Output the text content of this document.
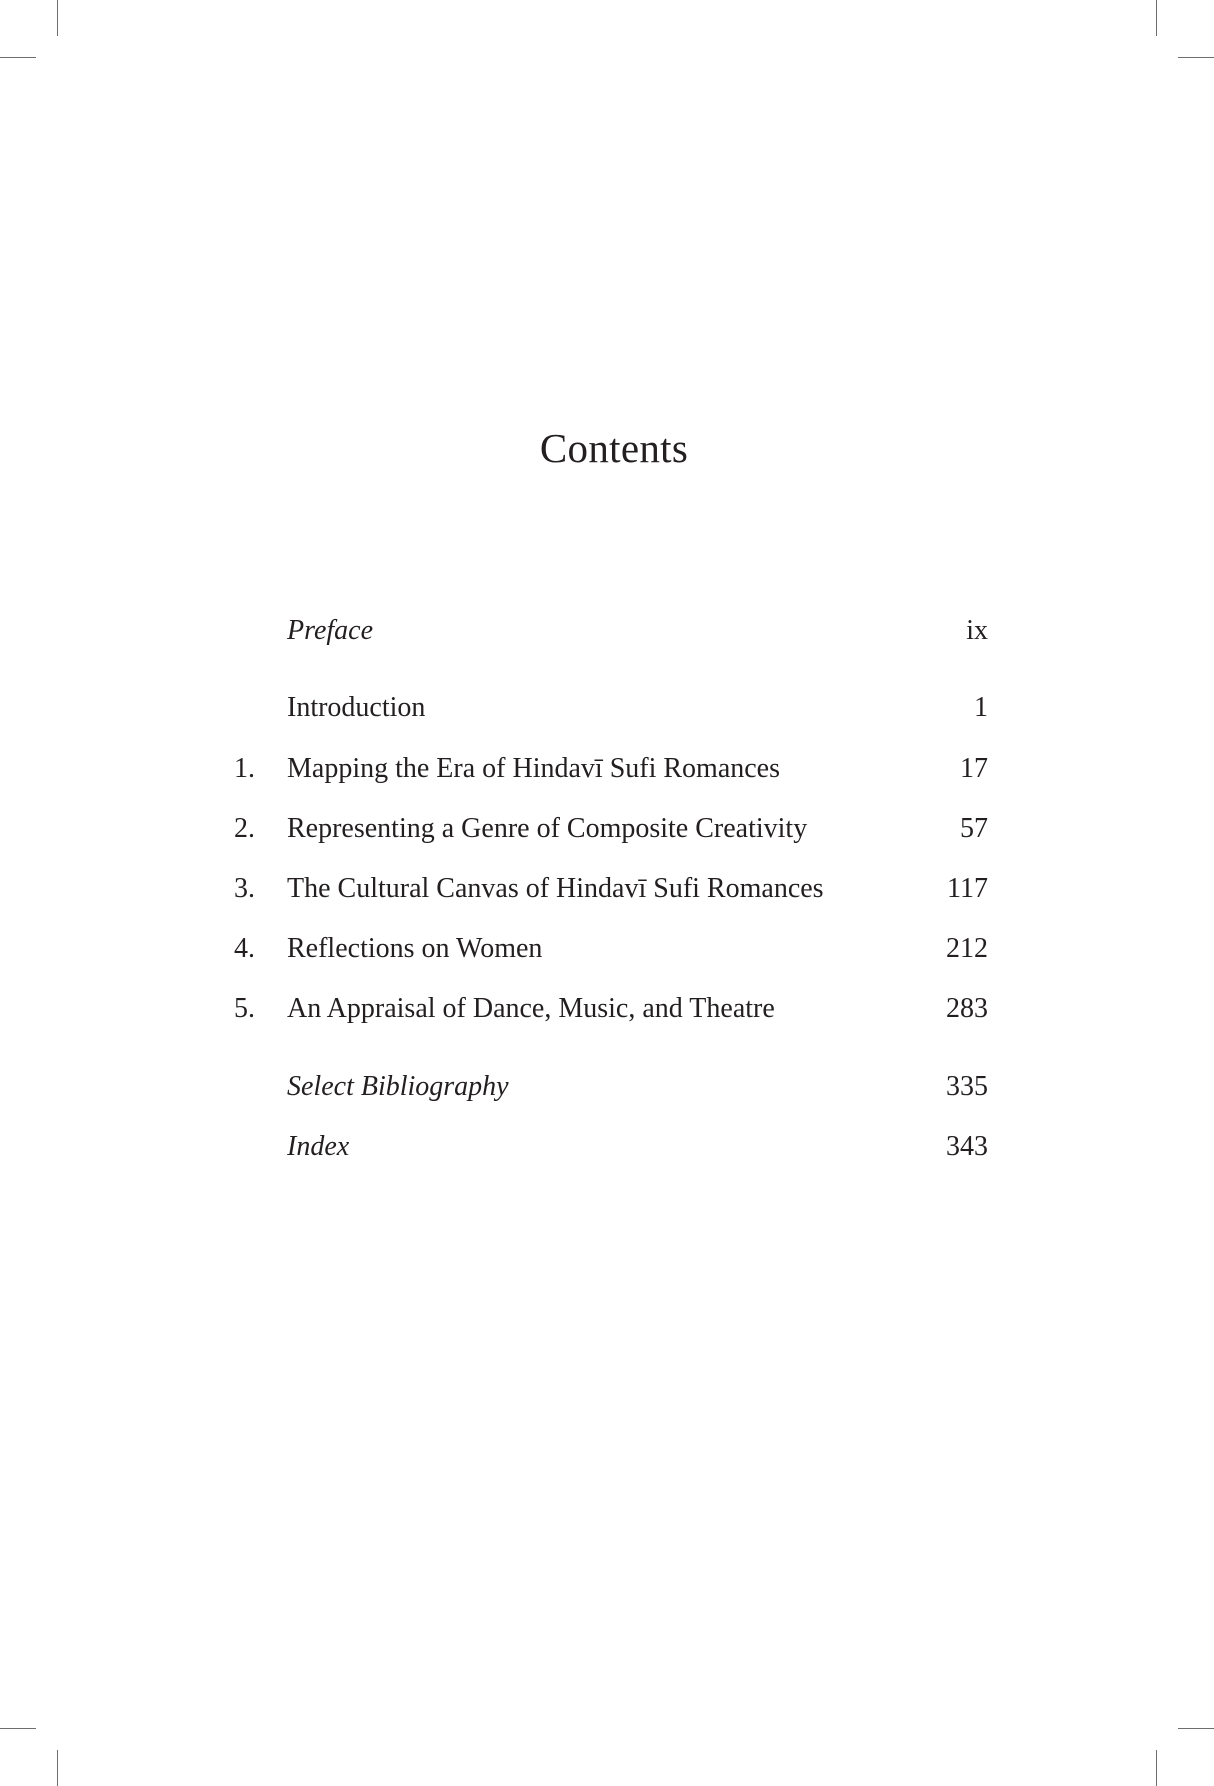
Contents
Preface	ix
Introduction	1
1. Mapping the Era of Hindavī Sufi Romances	17
2. Representing a Genre of Composite Creativity	57
3. The Cultural Canvas of Hindavī Sufi Romances	117
4. Reflections on Women	212
5. An Appraisal of Dance, Music, and Theatre	283
Select Bibliography	335
Index	343
